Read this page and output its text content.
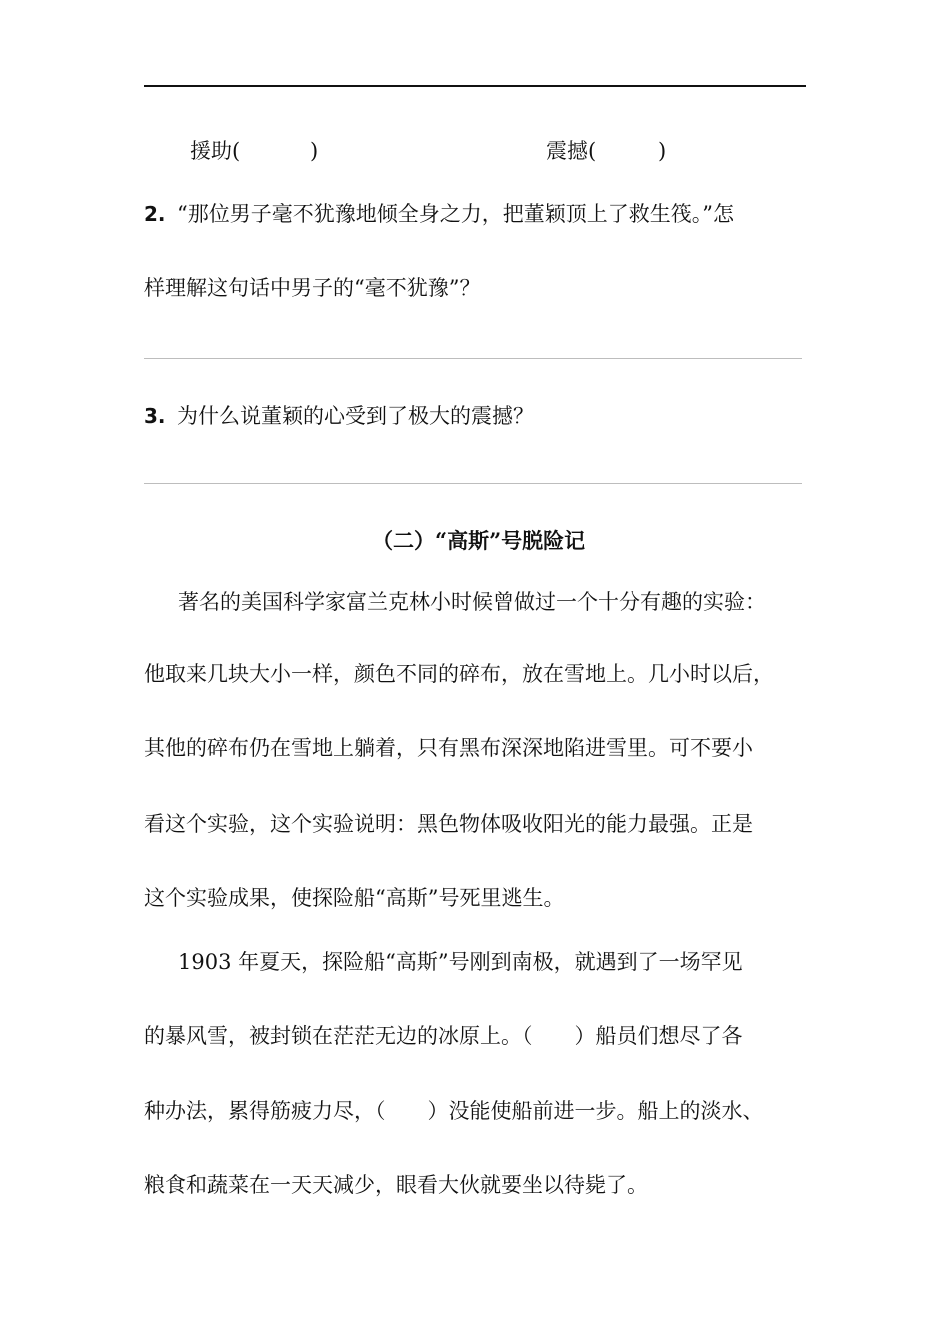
援助(	)	震撼(	)
2. “那位男子毫不犹豫地倾全身之力，把董颖顶上了救生筏。”怎
样理解这句话中男子的“毫不犹豫”？
3. 为什么说董颖的心受到了极大的震撼？
（二）“高斯”号脱险记
著名的美国科学家富兰克林小时候曾做过一个十分有趣的实验：
他取来几块大小一样，颜色不同的碎布，放在雪地上。几小时以后，
其他的碎布仍在雪地上躺着，只有黑布深深地陷进雪里。可不要小
看这个实验，这个实验说明：黑色物体吸收阳光的能力最强。正是
这个实验成果，使探险船“高斯”号死里逃生。
1903 年夏天，探险船“高斯”号刚到南极，就遇到了一场罕见
的暴风雪，被封锁在茫茫无边的冰原上。（　　）船员们想尽了各
种办法，累得筋疲力尽，（　　）没能使船前进一步。船上的淡水、
粮食和蔬菜在一天天减少，眼看大伙就要坐以待毙了。
